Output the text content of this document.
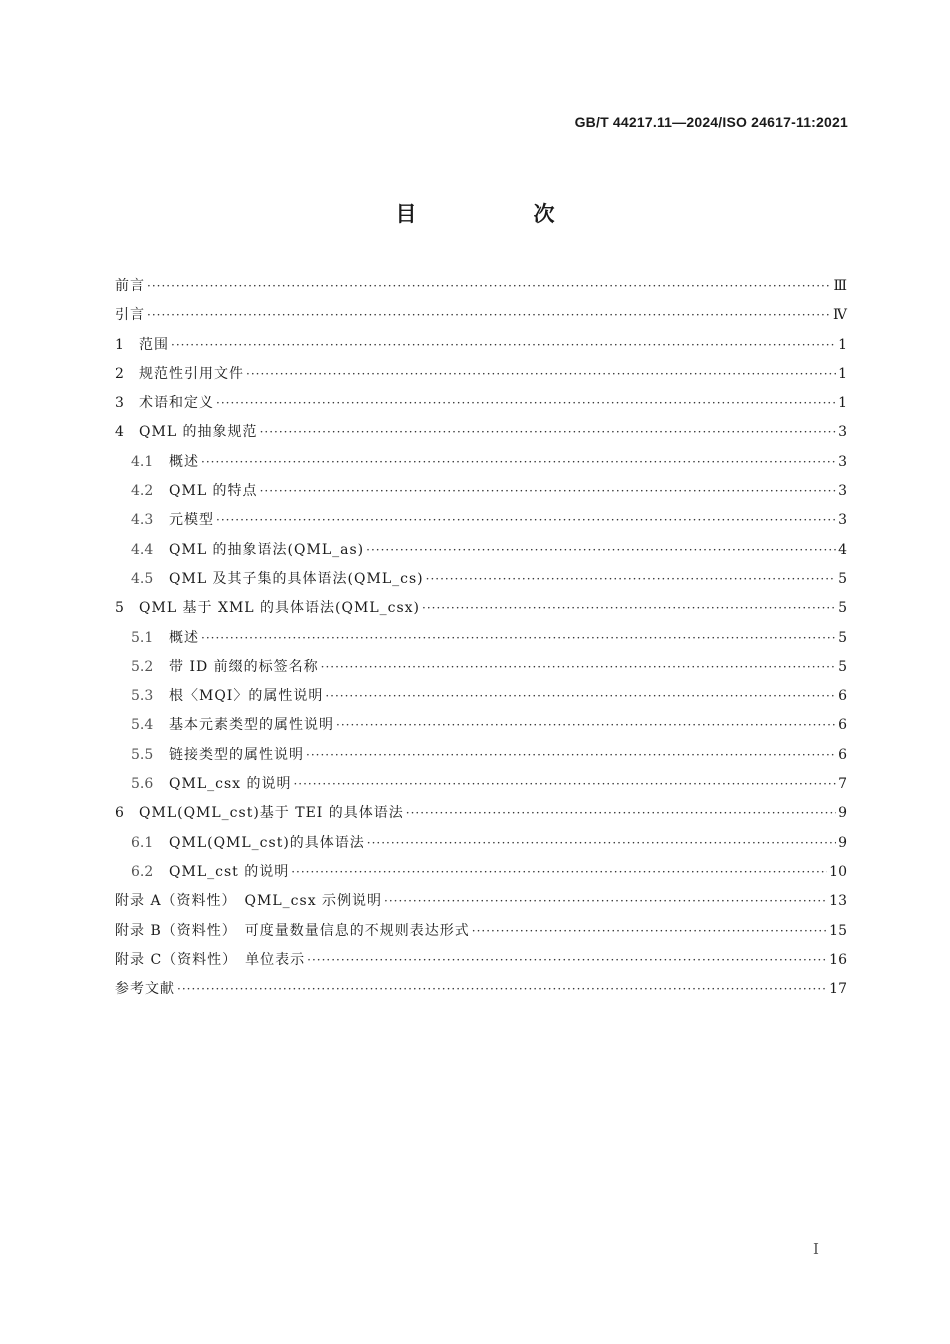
GB/T 44217.11—2024/ISO 24617-11:2021
目　次
前言 ·····	Ⅲ
引言 ·····	Ⅳ
1	范围 ·····	1
2	规范性引用文件 ·····	1
3	术语和定义 ·····	1
4	QML 的抽象规范 ·····	3
4.1	概述 ·····	3
4.2	QML 的特点 ·····	3
4.3	元模型 ·····	3
4.4	QML 的抽象语法(QML_as) ·····	4
4.5	QML 及其子集的具体语法(QML_cs) ·····	5
5	QML 基于 XML 的具体语法(QML_csx) ·····	5
5.1	概述 ·····	5
5.2	带 ID 前缀的标签名称 ·····	5
5.3	根〈MQI〉的属性说明 ·····	6
5.4	基本元素类型的属性说明 ·····	6
5.5	链接类型的属性说明 ·····	6
5.6	QML_csx 的说明 ·····	7
6	QML(QML_cst)基于 TEI 的具体语法 ·····	9
6.1	QML(QML_cst)的具体语法 ·····	9
6.2	QML_cst 的说明 ·····	10
附录 A（资料性）　QML_csx 示例说明 ·····	13
附录 B（资料性）　可度量数量信息的不规则表达形式 ·····	15
附录 C（资料性）　单位表示 ·····	16
参考文献 ·····	17
I
